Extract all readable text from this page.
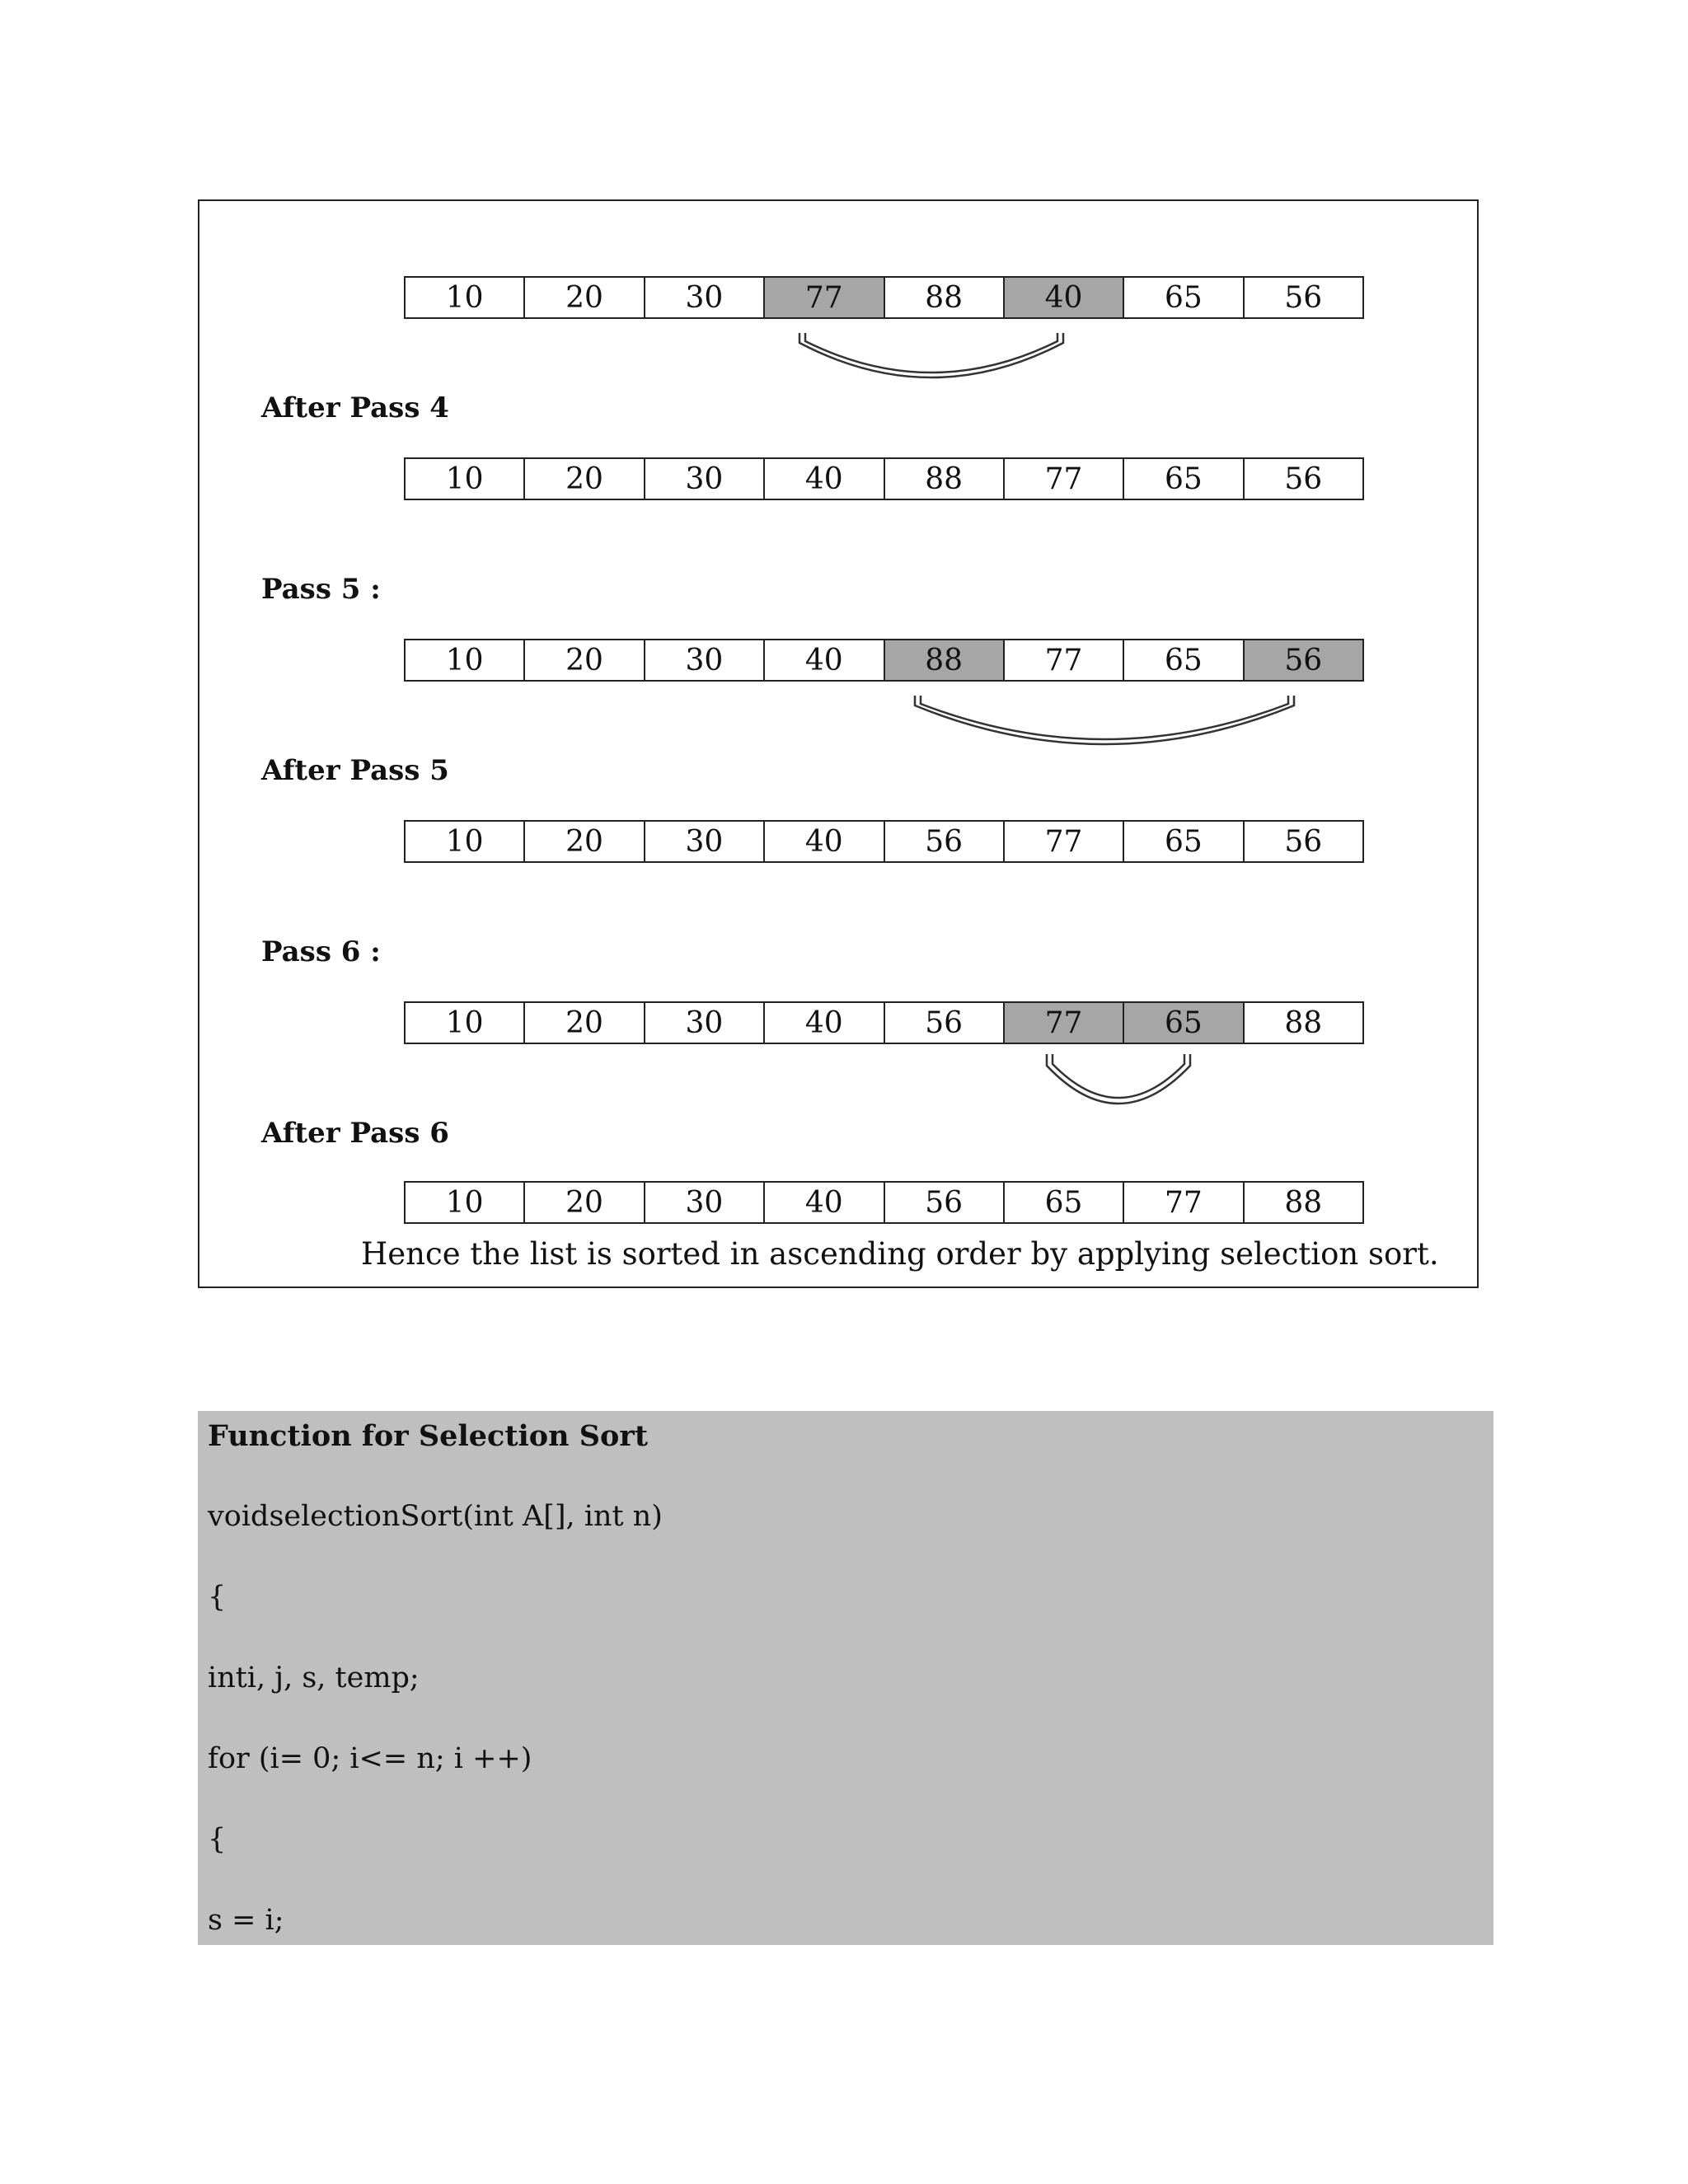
10	20	30	77	88	40	65	56
After Pass 4
10	20	30	40	88	77	65	56
Pass 5 :
10	20	30	40	88	77	65	56
After Pass 5
10	20	30	40	56	77	65	56
Pass 6 :
10	20	30	40	56	77	65	88
After Pass 6
10	20	30	40	56	65	77	88
Hence the list is sorted in ascending order by applying selection sort.
Function for Selection Sort
voidselectionSort(int A[], int n)
{
inti, j, s, temp;
for (i= 0; i<= n; i ++)
{
s = i;
